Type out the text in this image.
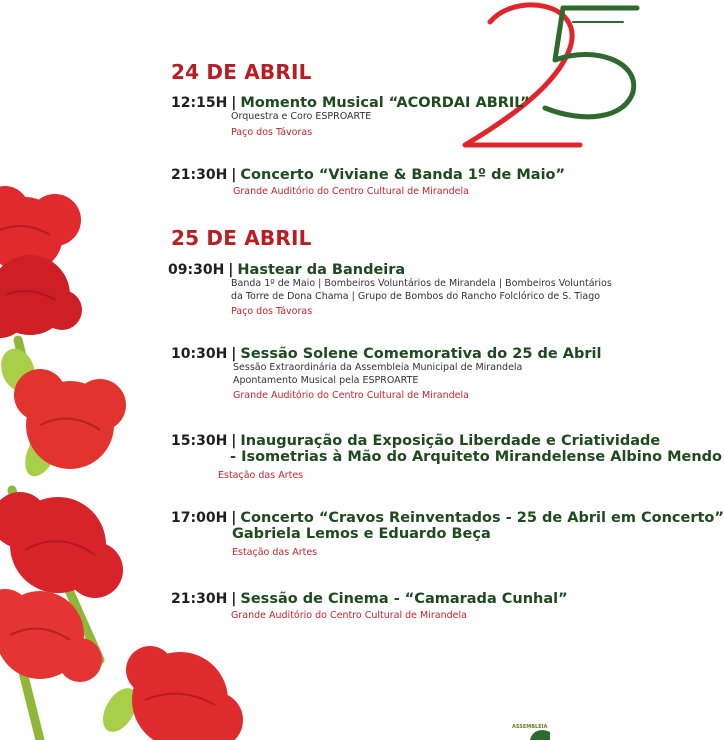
ASSEMBLEIA
24 DE ABRIL
12:15H | Momento Musical “ACORDAI ABRIL”
Orquestra e Coro ESPROARTE
Paço dos Távoras
21:30H | Concerto “Viviane & Banda 1º de Maio”
Grande Auditório do Centro Cultural de Mirandela
25 DE ABRIL
09:30H | Hastear da Bandeira
Banda 1º de Maio | Bombeiros Voluntários de Mirandela | Bombeiros Voluntários
da Torre de Dona Chama | Grupo de Bombos do Rancho Folclórico de S. Tiago
Paço dos Távoras
10:30H | Sessão Solene Comemorativa do 25 de Abril
Sessão Extraordinária da Assembleia Municipal de Mirandela
Apontamento Musical pela ESPROARTE
Grande Auditório do Centro Cultural de Mirandela
15:30H | Inauguração da Exposição Liberdade e Criatividade
- Isometrias à Mão do Arquiteto Mirandelense Albino Mendo
Estação das Artes
17:00H | Concerto “Cravos Reinventados - 25 de Abril em Concerto”
Gabriela Lemos e Eduardo Beça
Estação das Artes
21:30H | Sessão de Cinema - “Camarada Cunhal”
Grande Auditório do Centro Cultural de Mirandela
